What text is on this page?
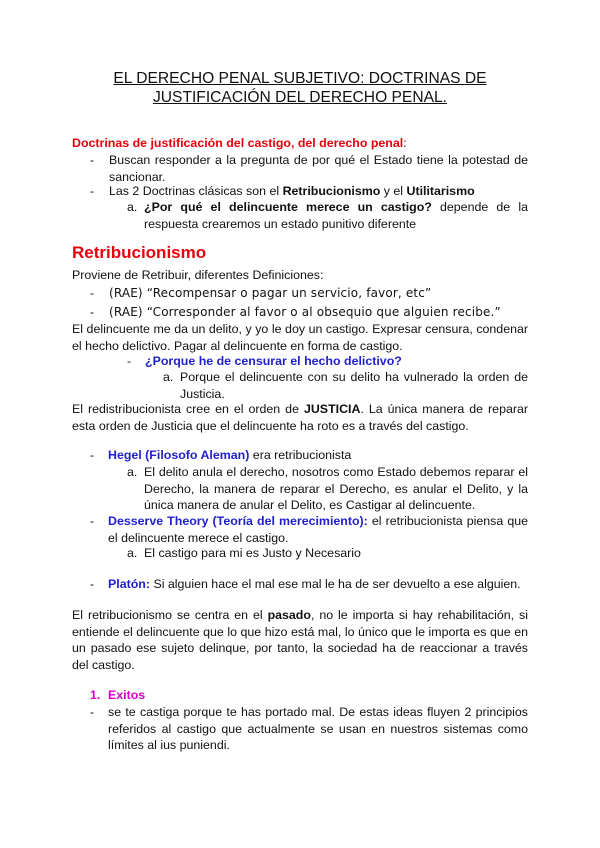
EL DERECHO PENAL SUBJETIVO: DOCTRINAS DE
JUSTIFICACIÓN DEL DERECHO PENAL.
Doctrinas de justificación del castigo, del derecho penal:
- Buscan responder a la pregunta de por qué el Estado tiene la potestad de sancionar.
- Las 2 Doctrinas clásicas son el Retribucionismo y el Utilitarismo
a. ¿Por qué el delincuente merece un castigo? depende de la respuesta crearemos un estado punitivo diferente
Retribucionismo
Proviene de Retribuir, diferentes Definiciones:
- (RAE) “Recompensar o pagar un servicio, favor, etc”
- (RAE) “Corresponder al favor o al obsequio que alguien recibe.”
El delincuente me da un delito, y yo le doy un castigo. Expresar censura, condenar el hecho delictivo. Pagar al delincuente en forma de castigo.
- ¿Porque he de censurar el hecho delictivo?
a. Porque el delincuente con su delito ha vulnerado la orden de Justicia.
El redistribucionista cree en el orden de JUSTICIA. La única manera de reparar esta orden de Justicia que el delincuente ha roto es a través del castigo.
- Hegel (Filosofo Aleman) era retribucionista
a. El delito anula el derecho, nosotros como Estado debemos reparar el Derecho, la manera de reparar el Derecho, es anular el Delito, y la única manera de anular el Delito, es Castigar al delincuente.
- Desserve Theory (Teoría del merecimiento): el retribucionista piensa que el delincuente merece el castigo.
a. El castigo para mi es Justo y Necesario
- Platón: Si alguien hace el mal ese mal le ha de ser devuelto a ese alguien.
El retribucionismo se centra en el pasado, no le importa si hay rehabilitación, si entiende el delincuente que lo que hizo está mal, lo único que le importa es que en un pasado ese sujeto delinque, por tanto, la sociedad ha de reaccionar a través del castigo.
1. Exitos
- se te castiga porque te has portado mal. De estas ideas fluyen 2 principios referidos al castigo que actualmente se usan en nuestros sistemas como límites al ius puniendi.
